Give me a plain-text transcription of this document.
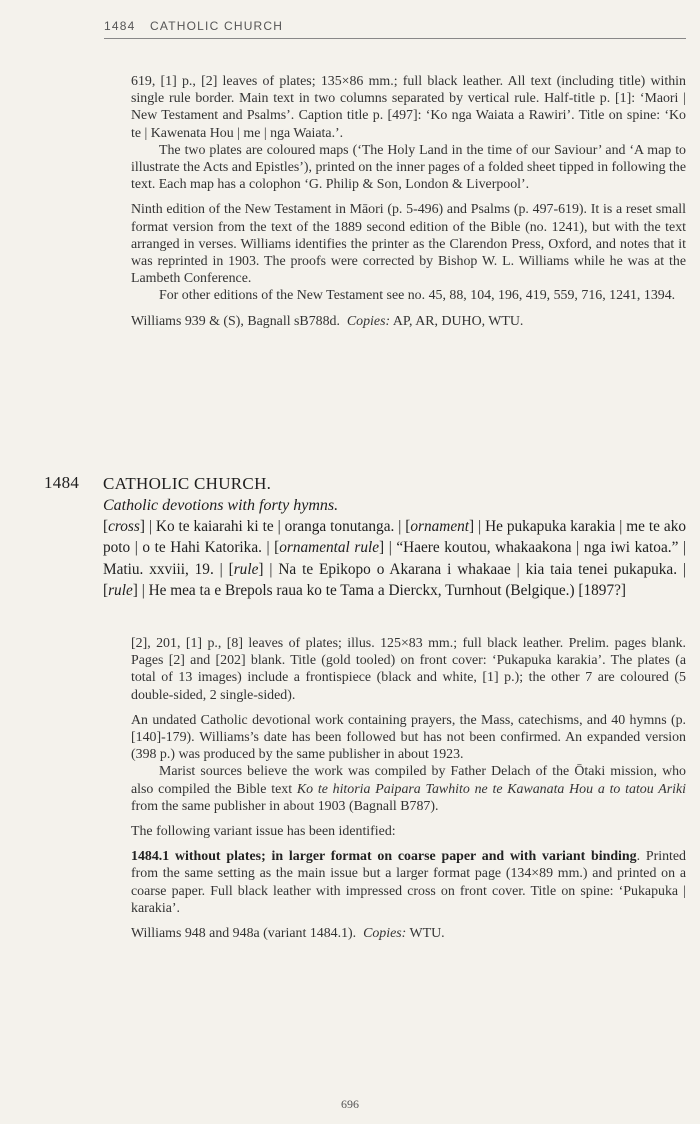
1484 CATHOLIC CHURCH

619, [1] p., [2] leaves of plates; 135×86 mm.; full black leather. All text (including title) within single rule border. Main text in two columns separated by vertical rule. Half-title p. [1]: ‘Maori | New Testament and Psalms’. Caption title p. [497]: ‘Ko nga Waiata a Rawiri’. Title on spine: ‘Ko te | Kawenata Hou | me | nga Waiata.’.

The two plates are coloured maps (‘The Holy Land in the time of our Saviour’ and ‘A map to illustrate the Acts and Epistles’), printed on the inner pages of a folded sheet tipped in following the text. Each map has a colophon ‘G. Philip & Son, London & Liverpool’.

Ninth edition of the New Testament in Māori (p. 5-496) and Psalms (p. 497-619). It is a reset small format version from the text of the 1889 second edition of the Bible (no. 1241), but with the text arranged in verses. Williams identifies the printer as the Clarendon Press, Oxford, and notes that it was reprinted in 1903. The proofs were corrected by Bishop W. L. Williams while he was at the Lambeth Conference.

For other editions of the New Testament see no. 45, 88, 104, 196, 419, 559, 716, 1241, 1394.

Williams 939 & (S), Bagnall sB788d. Copies: AP, AR, DUHO, WTU.

1484 CATHOLIC CHURCH.
Catholic devotions with forty hymns.
[cross] | Ko te kaiarahi ki te | oranga tonutanga. | [ornament] | He pukapuka karakia | me te ako poto | o te Hahi Katorika. | [ornamental rule] | “Haere koutou, whakaakona | nga iwi katoa.” | Matiu. xxviii, 19. | [rule] | Na te Epikopo o Akarana i whakaae | kia taia tenei pukapuka. | [rule] | He mea ta e Brepols raua ko te Tama a Dierckx, Turnhout (Belgique.) [1897?]

[2], 201, [1] p., [8] leaves of plates; illus. 125×83 mm.; full black leather. Prelim. pages blank. Pages [2] and [202] blank. Title (gold tooled) on front cover: ‘Pukapuka karakia’. The plates (a total of 13 images) include a frontispiece (black and white, [1] p.); the other 7 are coloured (5 double-sided, 2 single-sided).

An undated Catholic devotional work containing prayers, the Mass, catechisms, and 40 hymns (p. [140]-179). Williams’s date has been followed but has not been confirmed. An expanded version (398 p.) was produced by the same publisher in about 1923.

Marist sources believe the work was compiled by Father Delach of the Ōtaki mission, who also compiled the Bible text Ko te hitoria Paipara Tawhito ne te Kawanata Hou a to tatou Ariki from the same publisher in about 1903 (Bagnall B787).

The following variant issue has been identified:

1484.1 without plates; in larger format on coarse paper and with variant binding. Printed from the same setting as the main issue but a larger format page (134×89 mm.) and printed on a coarse paper. Full black leather with impressed cross on front cover. Title on spine: ‘Pukapuka | karakia’.

Williams 948 and 948a (variant 1484.1). Copies: WTU.

696
